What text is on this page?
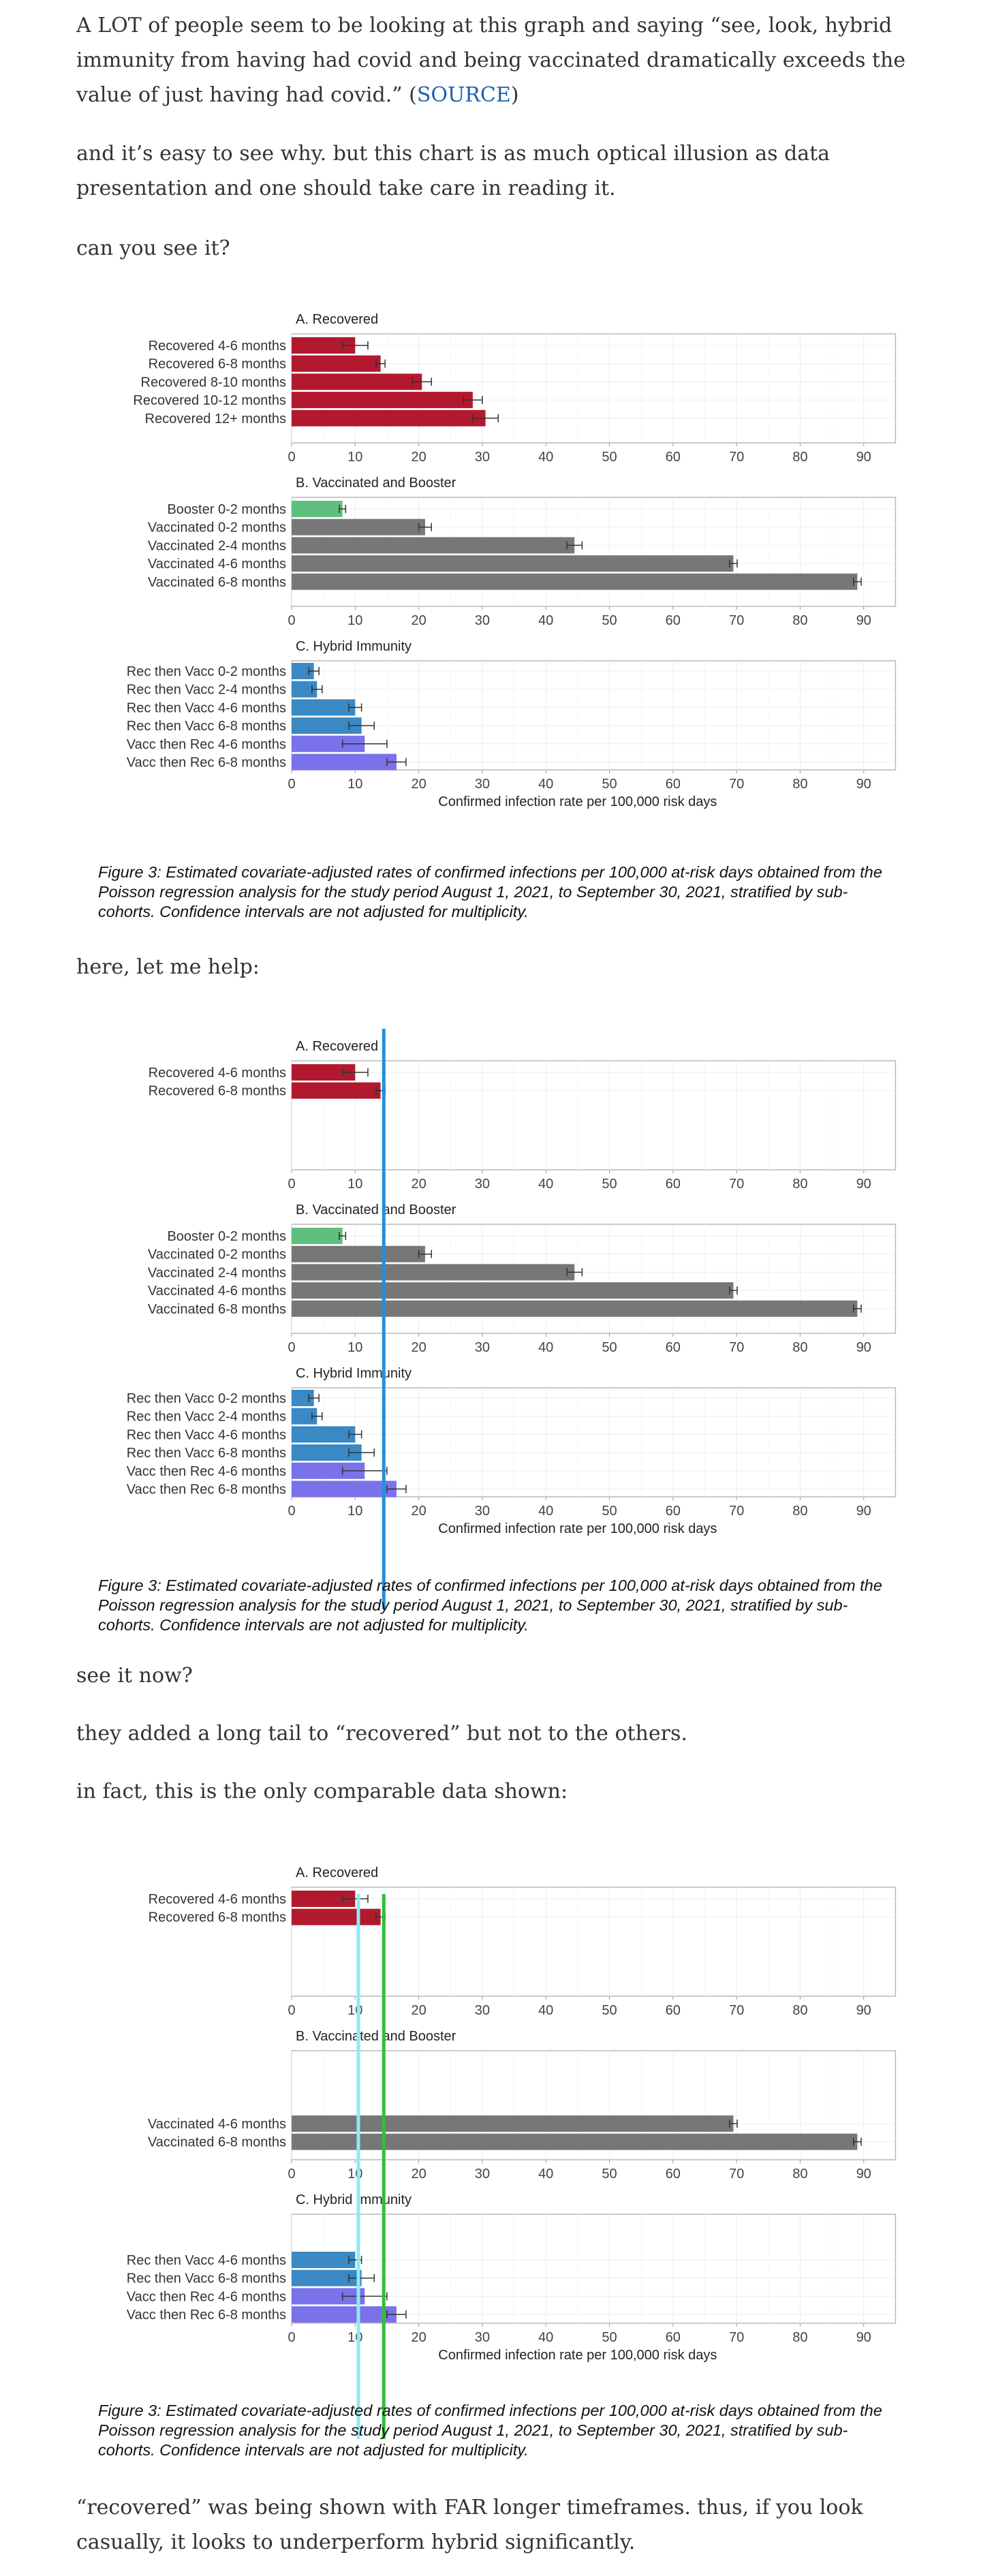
A LOT of people seem to be looking at this graph and saying “see, look, hybrid immunity from having had covid and being vaccinated dramatically exceeds the value of just having had covid.” (SOURCE)

and it’s easy to see why. but this chart is as much optical illusion as data presentation and one should take care in reading it.

can you see it?

A. Recovered
Recovered 4-6 months
Recovered 6-8 months
Recovered 8-10 months
Recovered 10-12 months
Recovered 12+ months
0	10	20	30	40	50	60	70	80	90
B. Vaccinated and Booster
Booster 0-2 months
Vaccinated 0-2 months
Vaccinated 2-4 months
Vaccinated 4-6 months
Vaccinated 6-8 months
0	10	20	30	40	50	60	70	80	90
C. Hybrid Immunity
Rec then Vacc 0-2 months
Rec then Vacc 2-4 months
Rec then Vacc 4-6 months
Rec then Vacc 6-8 months
Vacc then Rec 4-6 months
Vacc then Rec 6-8 months
0	10	20	30	40	50	60	70	80	90
Confirmed infection rate per 100,000 risk days
Figure 3: Estimated covariate-adjusted rates of confirmed infections per 100,000 at-risk days obtained from the Poisson regression analysis for the study period August 1, 2021, to September 30, 2021, stratified by sub-cohorts. Confidence intervals are not adjusted for multiplicity.

here, let me help:

A. Recovered
Recovered 4-6 months
Recovered 6-8 months
0	10	20	30	40	50	60	70	80	90
B. Vaccinated and Booster
Booster 0-2 months
Vaccinated 0-2 months
Vaccinated 2-4 months
Vaccinated 4-6 months
Vaccinated 6-8 months
0	10	20	30	40	50	60	70	80	90
C. Hybrid Immunity
Rec then Vacc 0-2 months
Rec then Vacc 2-4 months
Rec then Vacc 4-6 months
Rec then Vacc 6-8 months
Vacc then Rec 4-6 months
Vacc then Rec 6-8 months
0	10	20	30	40	50	60	70	80	90
Confirmed infection rate per 100,000 risk days
Figure 3: Estimated covariate-adjusted rates of confirmed infections per 100,000 at-risk days obtained from the Poisson regression analysis for the study period August 1, 2021, to September 30, 2021, stratified by sub-cohorts. Confidence intervals are not adjusted for multiplicity.

see it now?

they added a long tail to “recovered” but not to the others.

in fact, this is the only comparable data shown:

A. Recovered
Recovered 4-6 months
Recovered 6-8 months
0	10	20	30	40	50	60	70	80	90
B. Vaccinated and Booster
Vaccinated 4-6 months
Vaccinated 6-8 months
0	10	20	30	40	50	60	70	80	90
C. Hybrid Immunity
Rec then Vacc 4-6 months
Rec then Vacc 6-8 months
Vacc then Rec 4-6 months
Vacc then Rec 6-8 months
0	10	20	30	40	50	60	70	80	90
Confirmed infection rate per 100,000 risk days
Figure 3: Estimated covariate-adjusted rates of confirmed infections per 100,000 at-risk days obtained from the Poisson regression analysis for the study period August 1, 2021, to September 30, 2021, stratified by sub-cohorts. Confidence intervals are not adjusted for multiplicity.

“recovered” was being shown with FAR longer timeframes. thus, if you look casually, it looks to underperform hybrid significantly.
